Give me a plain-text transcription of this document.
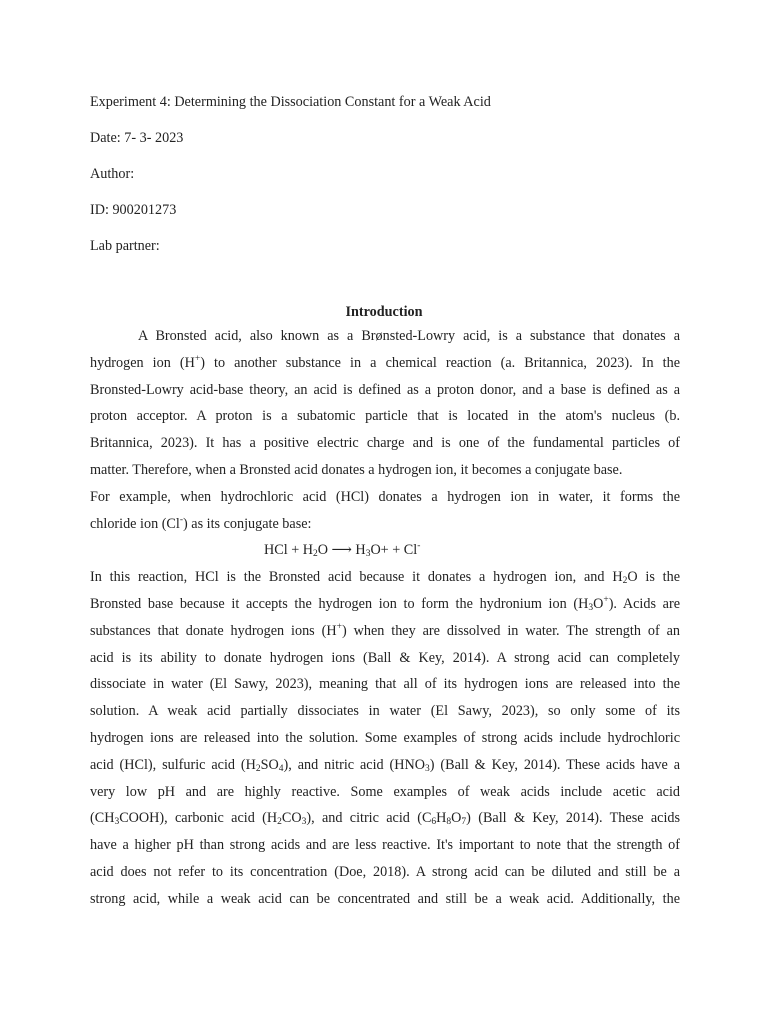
Experiment 4: Determining the Dissociation Constant for a Weak Acid
Date: 7- 3- 2023
Author:
ID: 900201273
Lab partner:
Introduction
A Bronsted acid, also known as a Brønsted-Lowry acid, is a substance that donates a
hydrogen ion (H+) to another substance in a chemical reaction (a. Britannica, 2023). In the
Bronsted-Lowry acid-base theory, an acid is defined as a proton donor, and a base is defined as a
proton acceptor. A proton is a subatomic particle that is located in the atom's nucleus (b.
Britannica, 2023). It has a positive electric charge and is one of the fundamental particles of
matter. Therefore, when a Bronsted acid donates a hydrogen ion, it becomes a conjugate base.
For example, when hydrochloric acid (HCl) donates a hydrogen ion in water, it forms the
chloride ion (Cl-) as its conjugate base:
HCl + $H_2O$ ⟶ $H_3O+ + Cl^-$
In this reaction, HCl is the Bronsted acid because it donates a hydrogen ion, and $H_2O$ is the
Bronsted base because it accepts the hydrogen ion to form the hydronium ion $(H_3O^+)$. Acids are
substances that donate hydrogen ions (H+) when they are dissolved in water. The strength of an
acid is its ability to donate hydrogen ions (Ball & Key, 2014). A strong acid can completely
dissociate in water (El Sawy, 2023), meaning that all of its hydrogen ions are released into the
solution. A weak acid partially dissociates in water (El Sawy, 2023), so only some of its
hydrogen ions are released into the solution. Some examples of strong acids include hydrochloric
acid (HCl), sulfuric acid $(H_2SO_4)$, and nitric acid $(HNO_3)$ (Ball & Key, 2014). These acids have a
very low pH and are highly reactive. Some examples of weak acids include acetic acid
$(CH_3COOH)$, carbonic acid $(H_2CO_3)$, and citric acid $(C_6H_8O_7)$ (Ball & Key, 2014). These acids
have a higher pH than strong acids and are less reactive. It's important to note that the strength of
acid does not refer to its concentration (Doe, 2018). A strong acid can be diluted and still be a
strong acid, while a weak acid can be concentrated and still be a weak acid. Additionally, the
